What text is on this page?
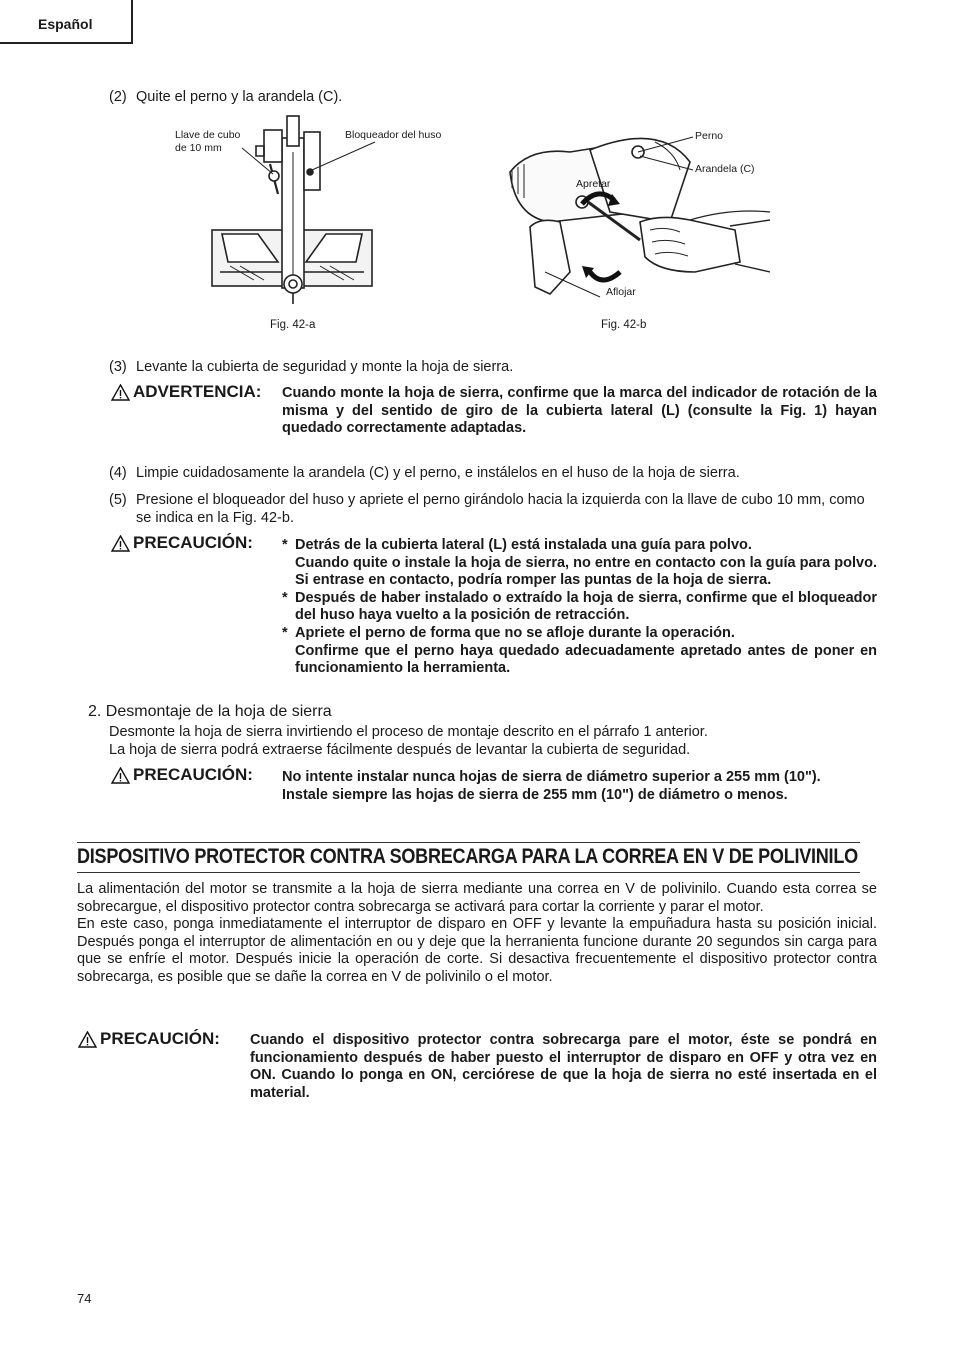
Español
(2) Quite el perno y la arandela (C).
Llave de cubo
de 10 mm
Bloqueador del huso
Fig. 42-a
Perno
Arandela (C)
Apretar
Aflojar
Fig. 42-b
(3) Levante la cubierta de seguridad y monte la hoja de sierra.
ADVERTENCIA: Cuando monte la hoja de sierra, confirme que la marca del indicador de rotación de la misma y del sentido de giro de la cubierta lateral (L) (consulte la Fig. 1) hayan quedado correctamente adaptadas.
(4) Limpie cuidadosamente la arandela (C) y el perno, e instálelos en el huso de la hoja de sierra.
(5) Presione el bloqueador del huso y apriete el perno girándolo hacia la izquierda con la llave de cubo 10 mm, como se indica en la Fig. 42-b.
PRECAUCIÓN: * Detrás de la cubierta lateral (L) está instalada una guía para polvo.
Cuando quite o instale la hoja de sierra, no entre en contacto con la guía para polvo. Si entrase en contacto, podría romper las puntas de la hoja de sierra.
* Después de haber instalado o extraído la hoja de sierra, confirme que el bloqueador del huso haya vuelto a la posición de retracción.
* Apriete el perno de forma que no se afloje durante la operación.
Confirme que el perno haya quedado adecuadamente apretado antes de poner en funcionamiento la herramienta.
2. Desmontaje de la hoja de sierra
Desmonte la hoja de sierra invirtiendo el proceso de montaje descrito en el párrafo 1 anterior.
La hoja de sierra podrá extraerse fácilmente después de levantar la cubierta de seguridad.
PRECAUCIÓN: No intente instalar nunca hojas de sierra de diámetro superior a 255 mm (10").
Instale siempre las hojas de sierra de 255 mm (10") de diámetro o menos.
DISPOSITIVO PROTECTOR CONTRA SOBRECARGA PARA LA CORREA EN V DE POLIVINILO
La alimentación del motor se transmite a la hoja de sierra mediante una correa en V de polivinilo. Cuando esta correa se sobrecargue, el dispositivo protector contra sobrecarga se activará para cortar la corriente y parar el motor.
En este caso, ponga inmediatamente el interruptor de disparo en OFF y levante la empuñadura hasta su posición inicial. Después ponga el interruptor de alimentación en ou y deje que la herranienta funcione durante 20 segundos sin carga para que se enfríe el motor. Después inicie la operación de corte. Si desactiva frecuentemente el dispositivo protector contra sobrecarga, es posible que se dañe la correa en V de polivinilo o el motor.
PRECAUCIÓN: Cuando el dispositivo protector contra sobrecarga pare el motor, éste se pondrá en funcionamiento después de haber puesto el interruptor de disparo en OFF y otra vez en ON. Cuando lo ponga en ON, cerciórese de que la hoja de sierra no esté insertada en el material.
74
